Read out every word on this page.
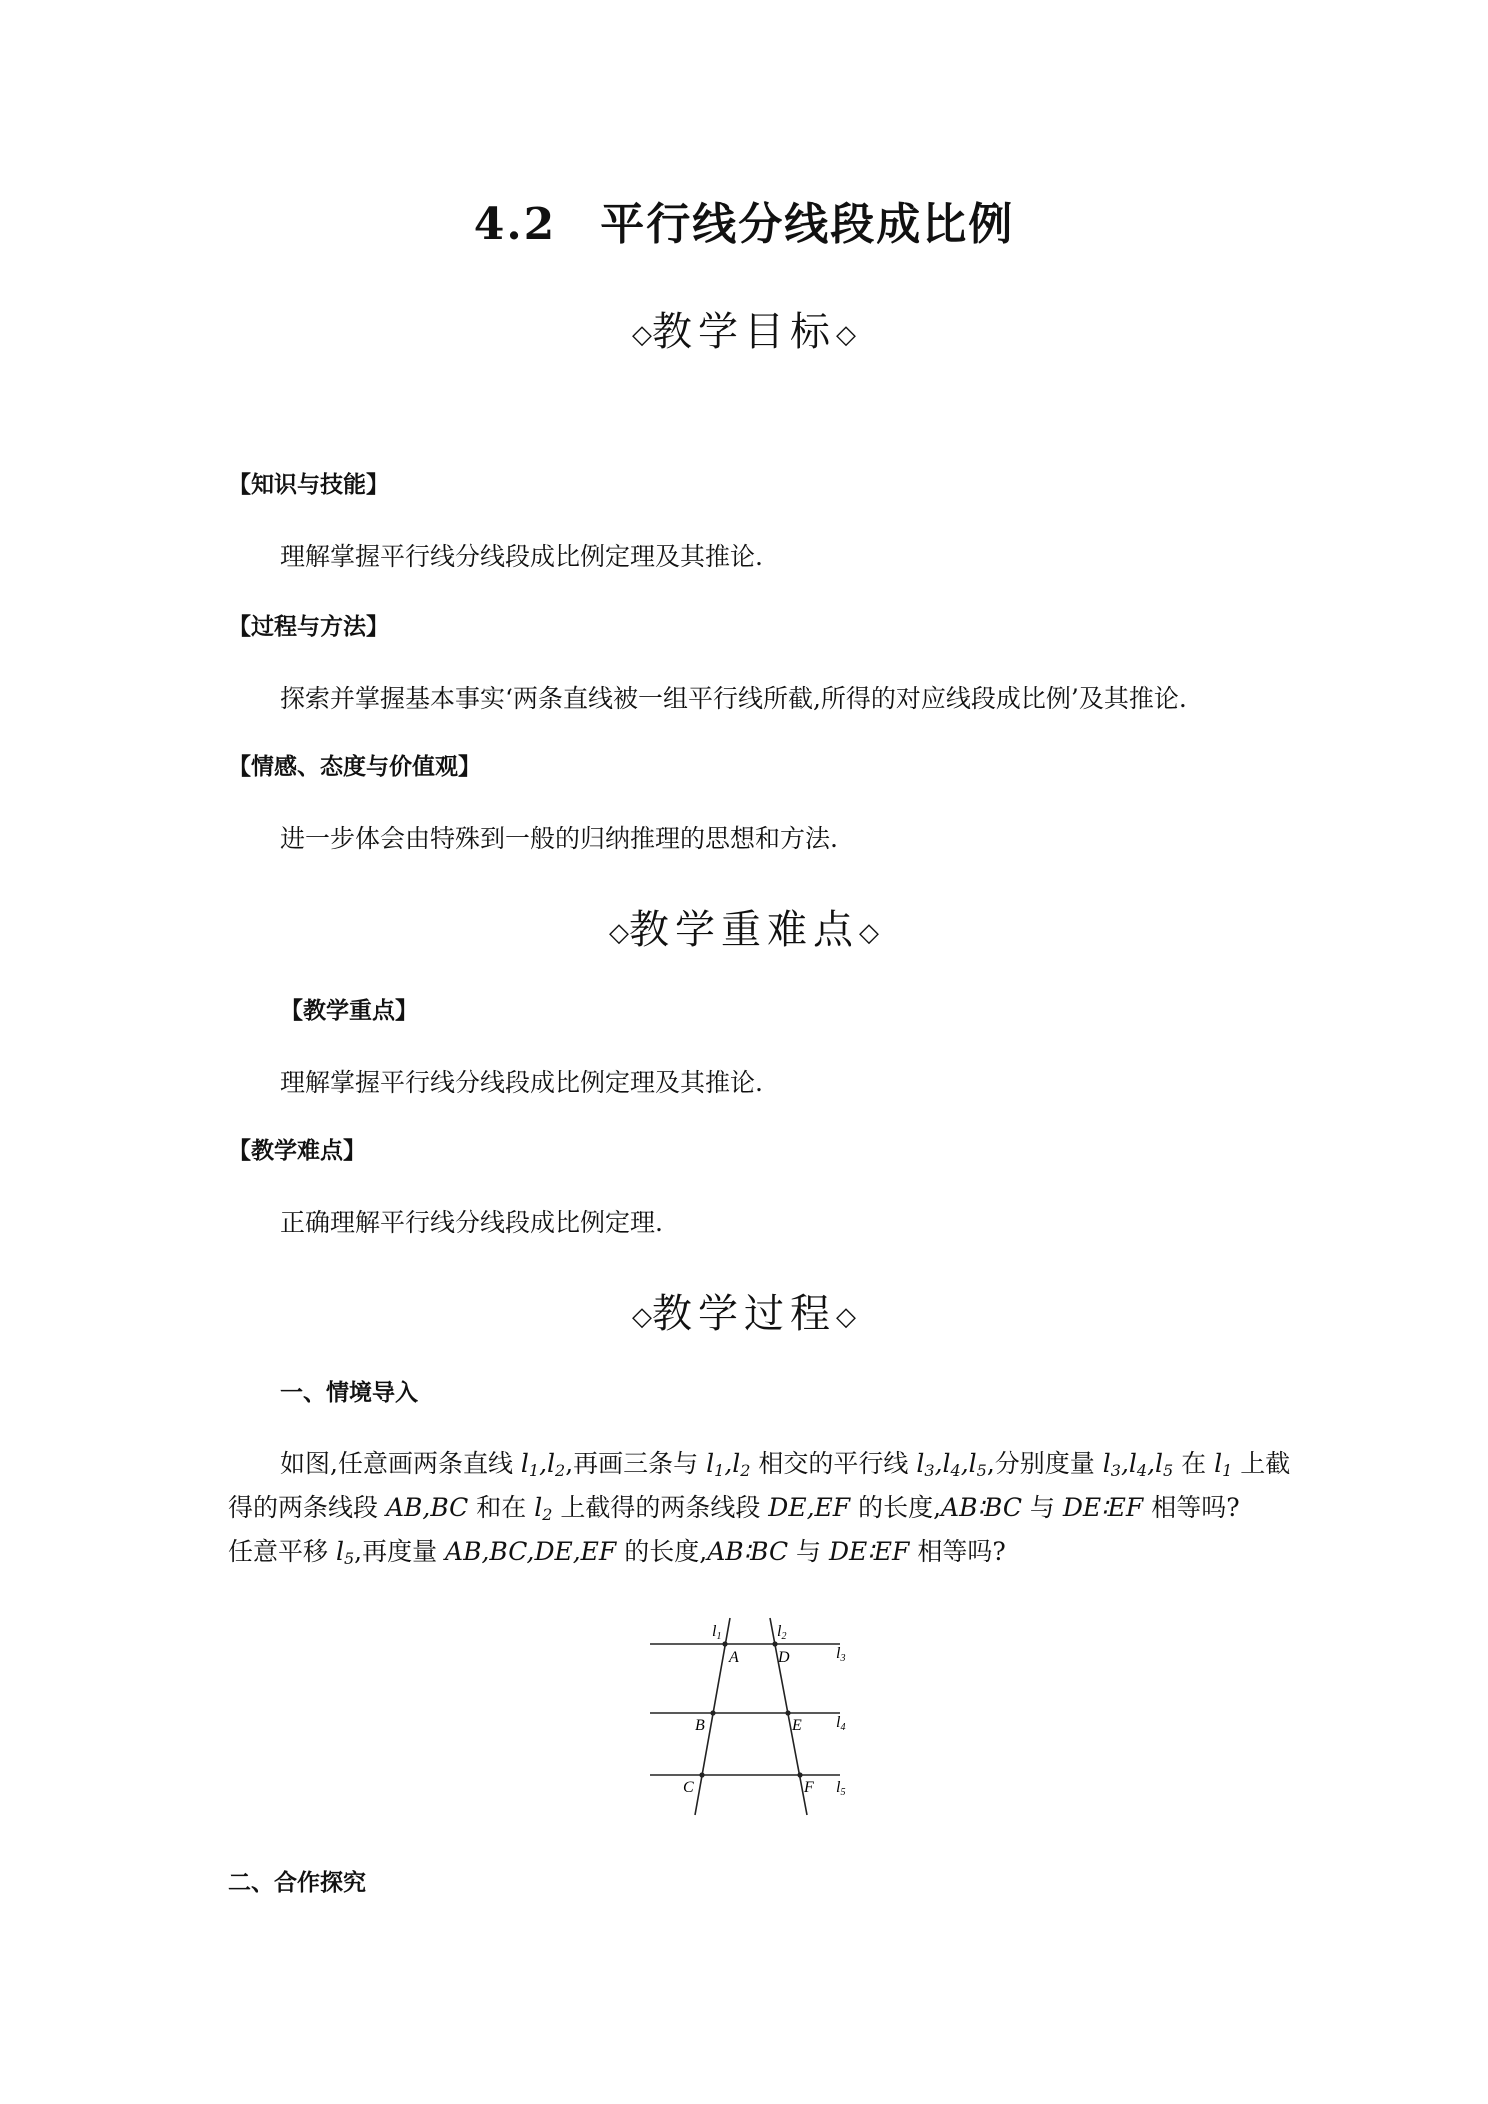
4.2 平行线分线段成比例
◇教学目标◇
【知识与技能】
理解掌握平行线分线段成比例定理及其推论.
【过程与方法】
探索并掌握基本事实‘两条直线被一组平行线所截,所得的对应线段成比例’及其推论.
【情感、态度与价值观】
进一步体会由特殊到一般的归纳推理的思想和方法.
◇教学重难点◇
【教学重点】
理解掌握平行线分线段成比例定理及其推论.
【教学难点】
正确理解平行线分线段成比例定理.
◇教学过程◇
一、情境导入
如图,任意画两条直线 $l_1,l_2$,再画三条与 $l_1,l_2$ 相交的平行线 $l_3,l_4,l_5$,分别度量 $l_3,l_4,l_5$ 在 $l_1$ 上截
得的两条线段 AB,BC 和在 $l_2$ 上截得的两条线段 DE,EF 的长度,AB∶BC 与 DE∶EF 相等吗?
任意平移 $l_5$,再度量 AB,BC,DE,EF 的长度,AB∶BC 与 DE∶EF 相等吗?
l1	l2
l3
l4
l5
A D
B	E
C	F
二、合作探究
